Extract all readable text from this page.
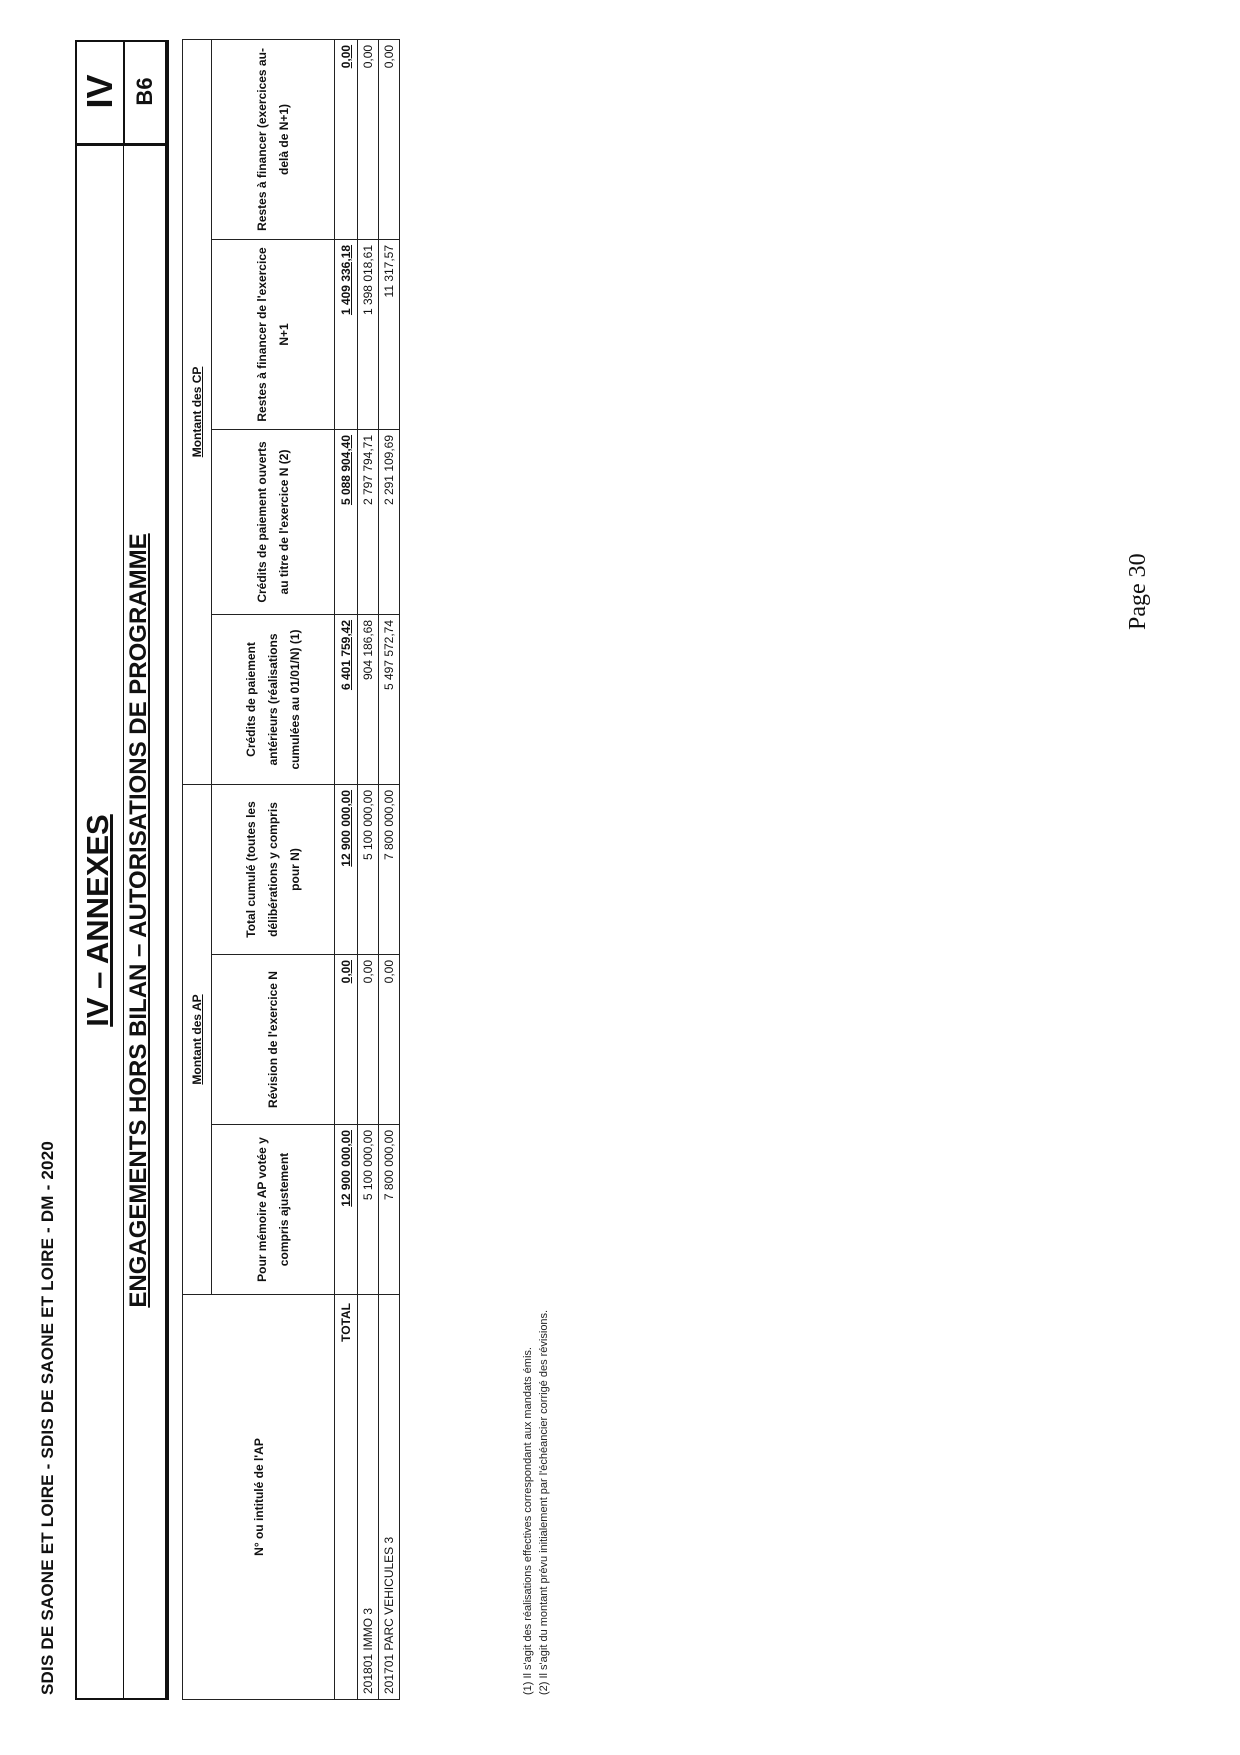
SDIS DE SAONE ET LOIRE - SDIS DE SAONE ET LOIRE - DM - 2020
IV – ANNEXES ENGAGEMENTS HORS BILAN – AUTORISATIONS DE PROGRAMME
IV B6
N° ou intitulé de l'AP	Montant des AP			Montant des CP			
	Pour mémoire AP votée y compris ajustement	Révision de l'exercice N	Total cumulé (toutes les délibérations y compris pour N)	Crédits de paiement antérieurs (réalisations cumulées au 01/01/N) (1)	Crédits de paiement ouverts au titre de l'exercice N (2)	Restes à financer de l'exercice N+1	Restes à financer (exercices au-delà de N+1)
TOTAL	12 900 000,00	0,00	12 900 000,00	6 401 759,42	5 088 904,40	1 409 336,18	0,00
201801 IMMO 3	5 100 000,00	0,00	5 100 000,00	904 186,68	2 797 794,71	1 398 018,61	0,00
201701 PARC VEHICULES 3	7 800 000,00	0,00	7 800 000,00	5 497 572,74	2 291 109,69	11 317,57	0,00
(1) Il s'agit des réalisations effectives correspondant aux mandats émis. (2) Il s'agit du montant prévu initialement par l'échéancier corrigé des révisions.
Page 30
